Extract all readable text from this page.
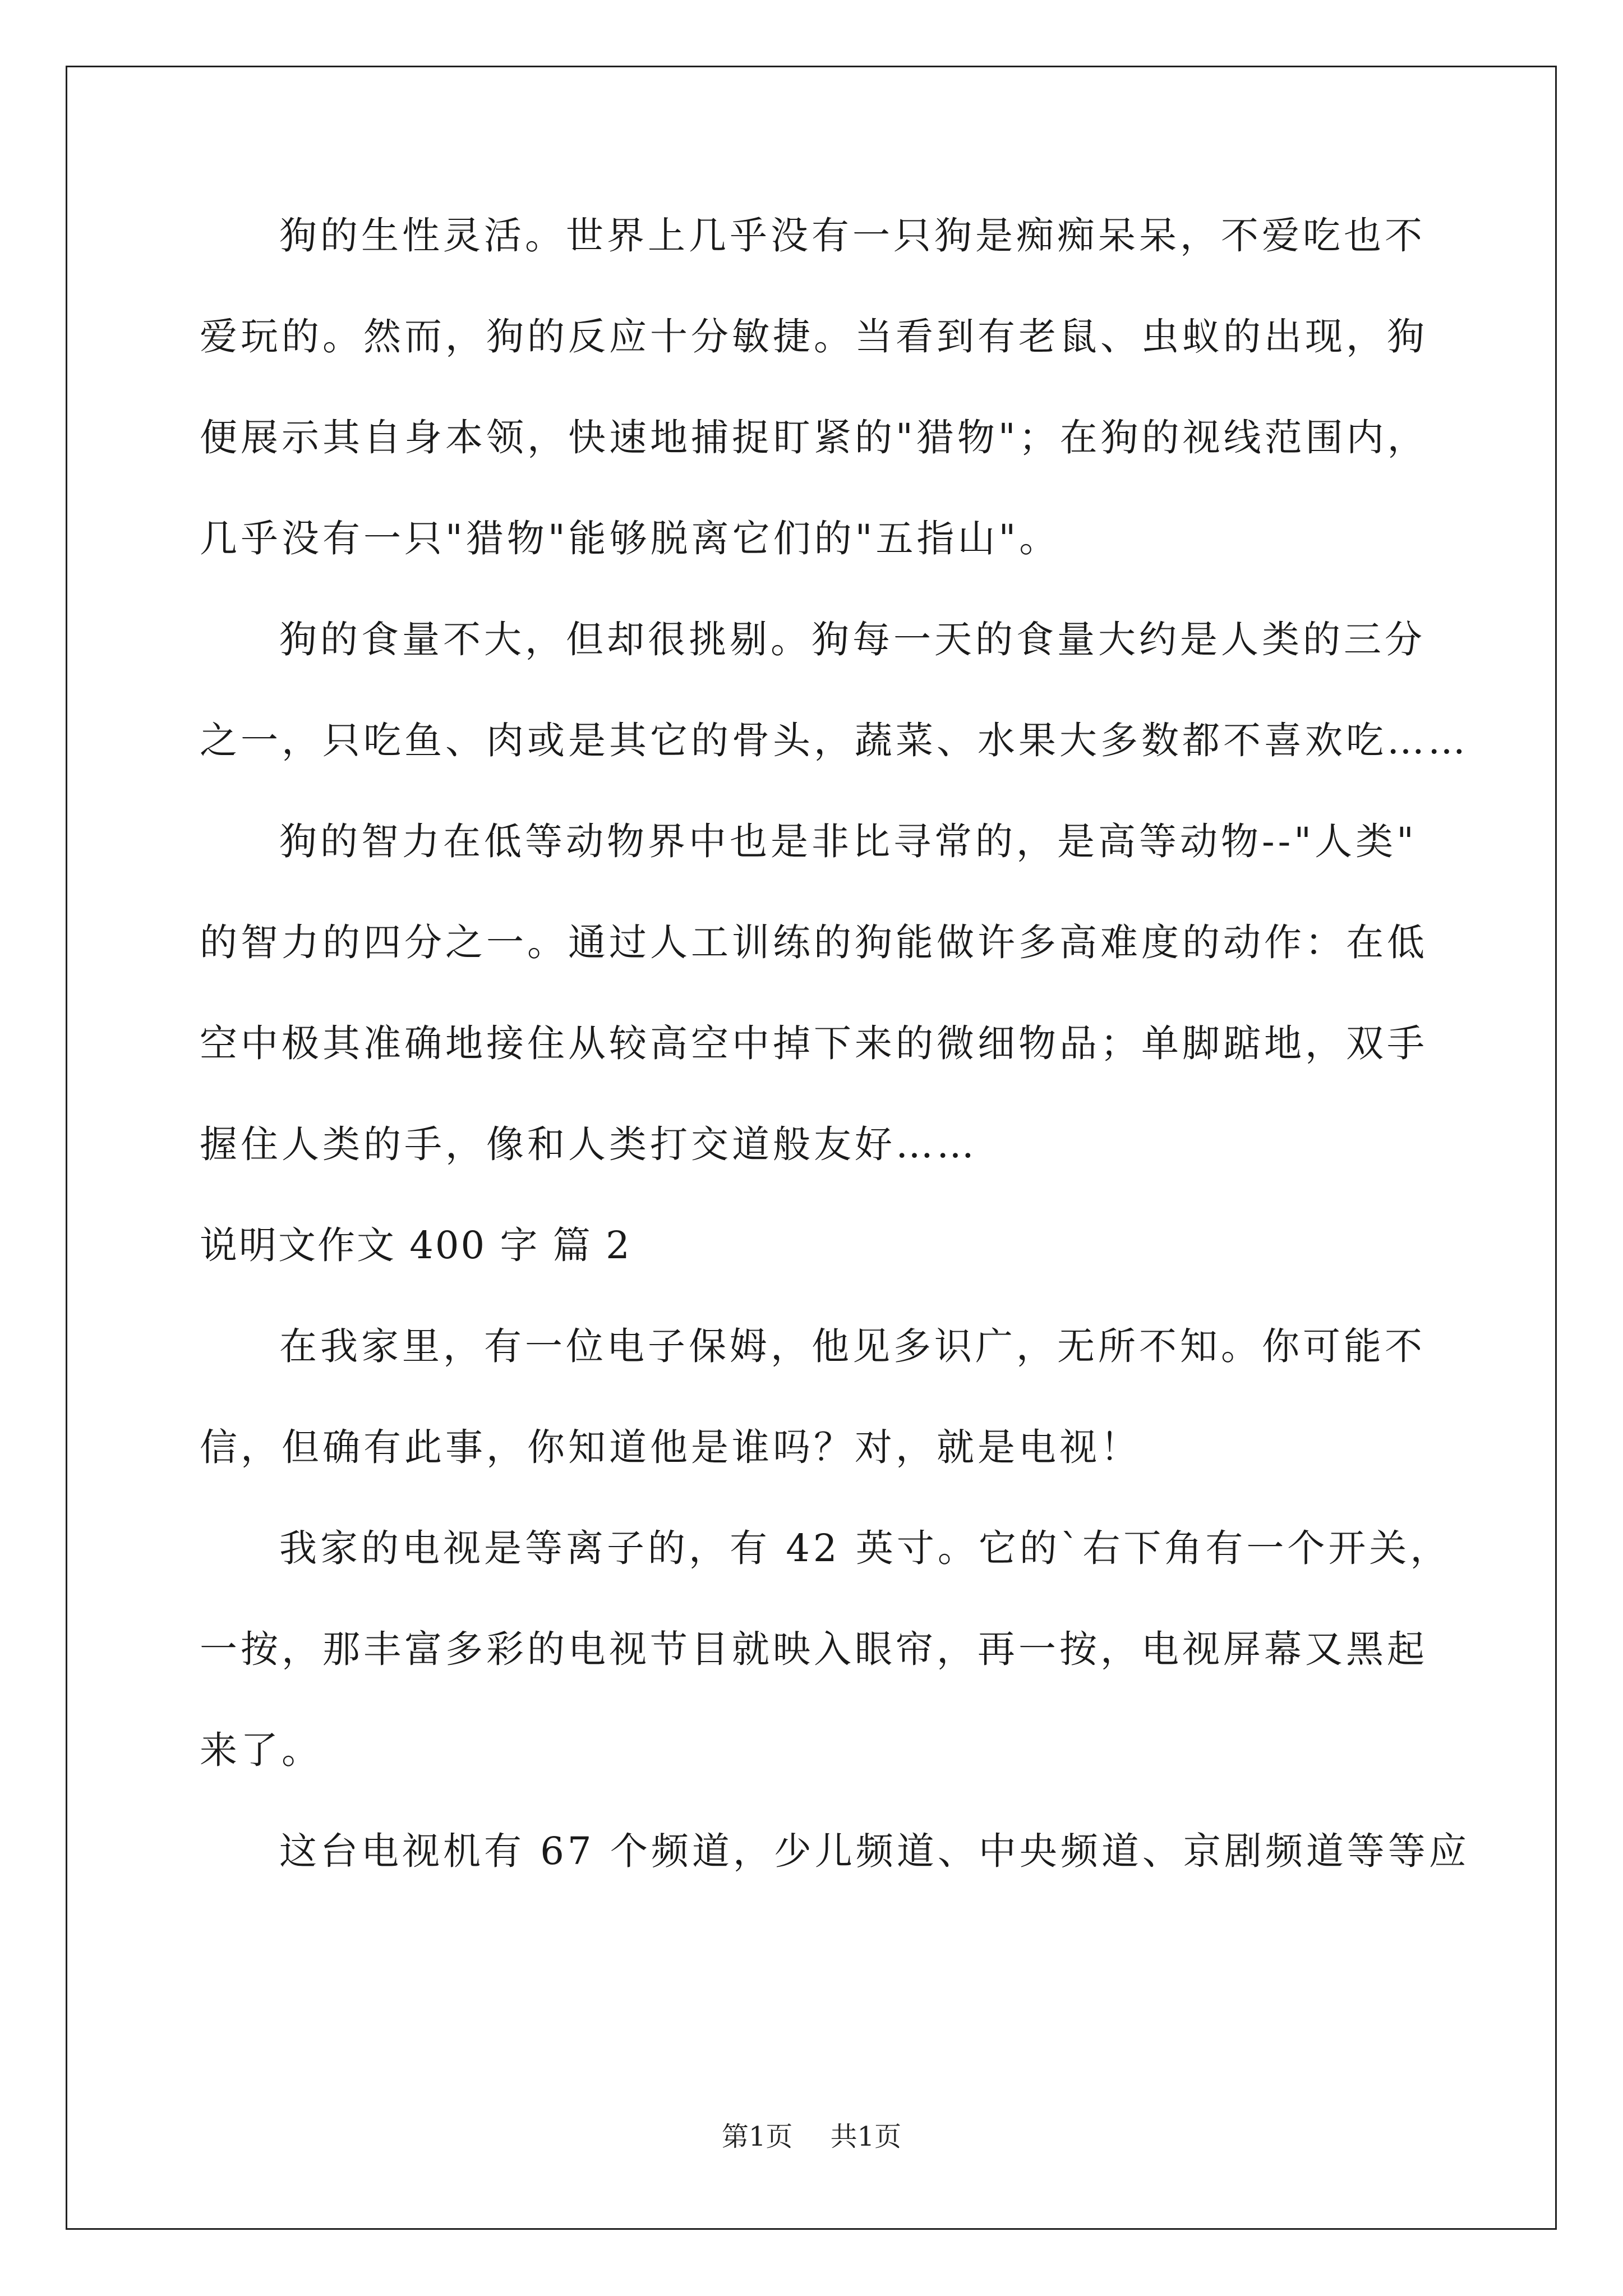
狗的生性灵活。世界上几乎没有一只狗是痴痴呆呆，不爱吃也不
爱玩的。然而，狗的反应十分敏捷。当看到有老鼠、虫蚁的出现，狗
便展示其自身本领，快速地捕捉盯紧的"猎物"；在狗的视线范围内，
几乎没有一只"猎物"能够脱离它们的"五指山"。
狗的食量不大，但却很挑剔。狗每一天的食量大约是人类的三分
之一，只吃鱼、肉或是其它的骨头，蔬菜、水果大多数都不喜欢吃……
狗的智力在低等动物界中也是非比寻常的，是高等动物--"人类"
的智力的四分之一。通过人工训练的狗能做许多高难度的动作：在低
空中极其准确地接住从较高空中掉下来的微细物品；单脚踮地，双手
握住人类的手，像和人类打交道般友好……
说明文作文 400 字 篇 2
在我家里，有一位电子保姆，他见多识广，无所不知。你可能不
信，但确有此事，你知道他是谁吗？对，就是电视！
我家的电视是等离子的，有 42 英寸。它的`右下角有一个开关，
一按，那丰富多彩的电视节目就映入眼帘，再一按，电视屏幕又黑起
来了。
这台电视机有 67 个频道，少儿频道、中央频道、京剧频道等等应
第1页 共1页
